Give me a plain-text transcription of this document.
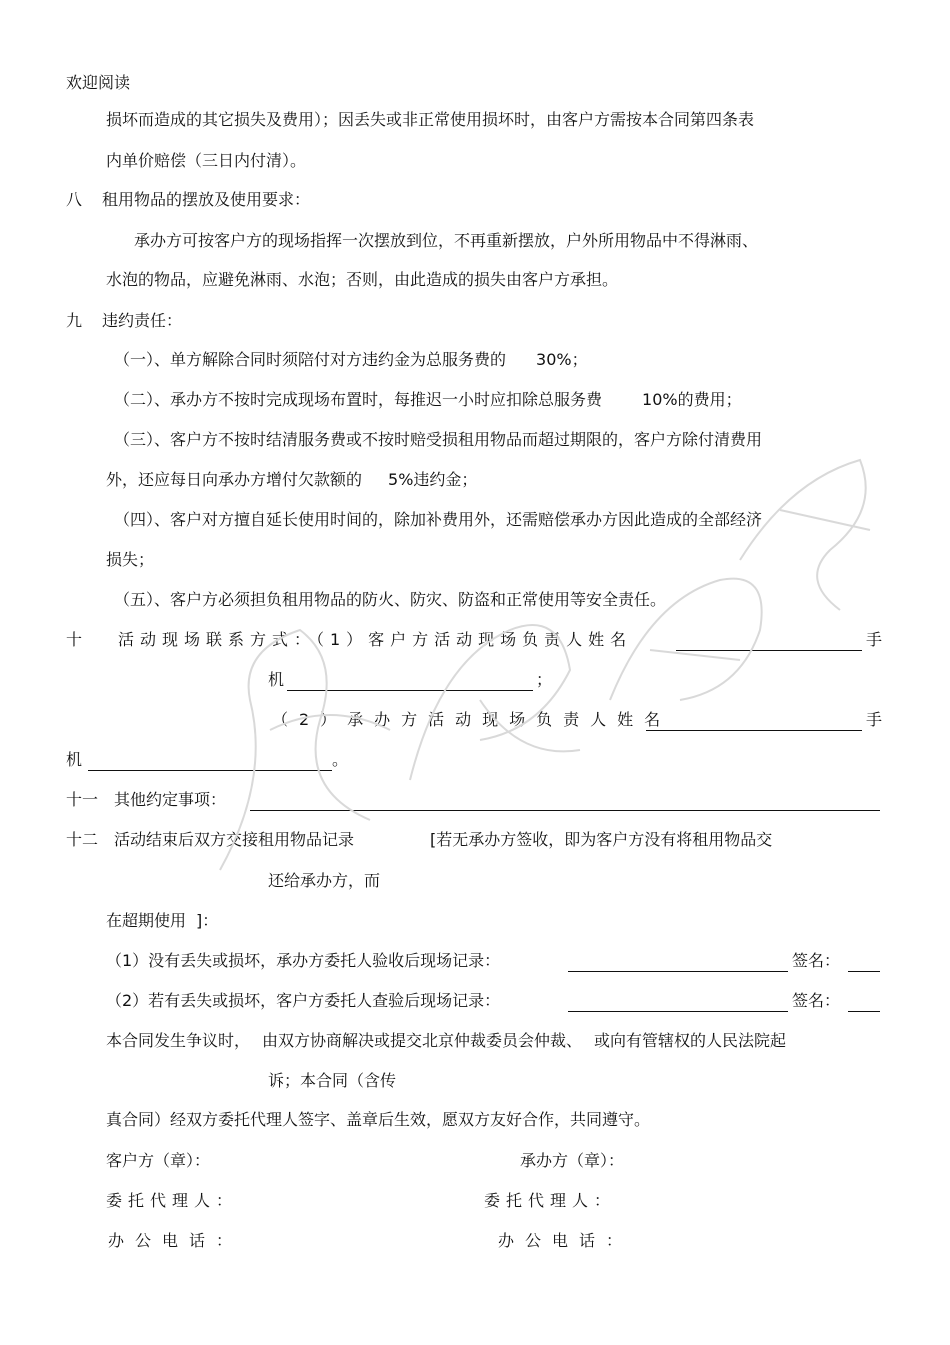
欢迎阅读
损坏而造成的其它损失及费用）；因丢失或非正常使用损坏时，由客户方需按本合同第四条表
内单价赔偿（三日内付清）。
八 租用物品的摆放及使用要求：
承办方可按客户方的现场指挥一次摆放到位，不再重新摆放，户外所用物品中不得淋雨、
水泡的物品，应避免淋雨、水泡；否则，由此造成的损失由客户方承担。
九 违约责任：
（一）、单方解除合同时须陪付对方违约金为总服务费的 30%；
（二）、承办方不按时完成现场布置时，每推迟一小时应扣除总服务费	10%的费用；
（三）、客户方不按时结清服务费或不按时赔受损租用物品而超过期限的，客户方除付清费用
外，还应每日向承办方增付欠款额的 5%违约金；
（四）、客户对方擅自延长使用时间的，除加补费用外，还需赔偿承办方因此造成的全部经济
损失；
（五）、客户方必须担负租用物品的防火、防灾、防盗和正常使用等安全责任。
十 活动现场联系方式：（1）客户方活动现场负责人姓名	手
机	；
（2）承办方活动现场负责人姓名	手
机	。
十一 其他约定事项：
十二 活动结束后双方交接租用物品记录	[若无承办方签收，即为客户方没有将租用物品交
还给承办方，而
在超期使用 ]：
（1）没有丢失或损坏，承办方委托人验收后现场记录：	签名：
（2）若有丢失或损坏，客户方委托人查验后现场记录：	签名：
本合同发生争议时， 由双方协商解决或提交北京仲裁委员会仲裁、 或向有管辖权的人民法院起
诉；本合同（含传
真合同）经双方委托代理人签字、盖章后生效，愿双方友好合作，共同遵守。
客户方（章）：	承办方（章）：
委托代理人：	委托代理人：
办公电话：	办公电话：
